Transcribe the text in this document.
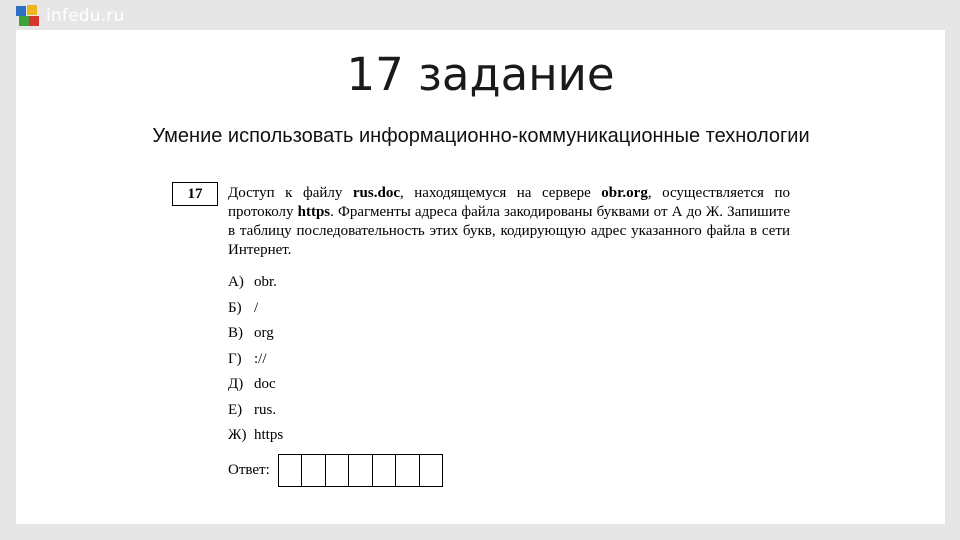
infedu.ru
17 задание
Умение использовать информационно-коммуникационные технологии
17	Доступ к файлу rus.doc, находящемуся на сервере obr.org, осуществляется по протоколу https. Фрагменты адреса файла закодированы буквами от А до Ж. Запишите в таблицу последовательность этих букв, кодирующую адрес указанного файла в сети Интернет.
А) obr.
Б) /
В) org
Г) ://
Д) doc
Е) rus.
Ж) https
Ответ:
